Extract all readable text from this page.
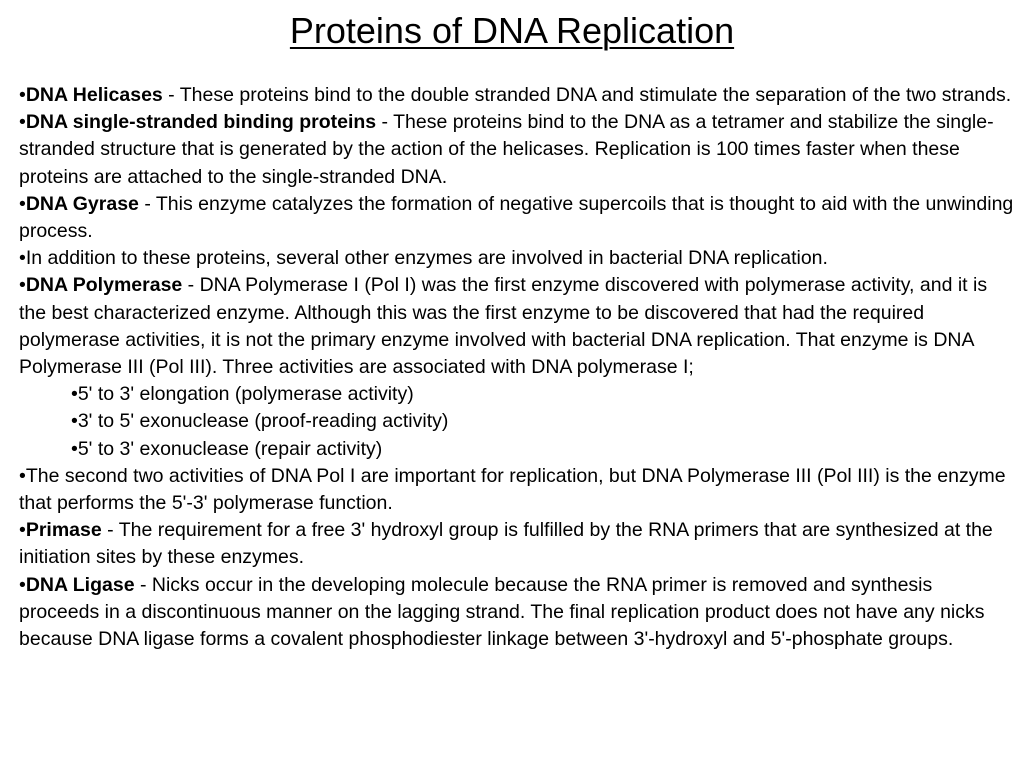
Proteins of DNA Replication

•DNA Helicases - These proteins bind to the double stranded DNA and stimulate the separation of the two strands.

•DNA single-stranded binding proteins - These proteins bind to the DNA as a tetramer and stabilize the single-stranded structure that is generated by the action of the helicases. Replication is 100 times faster when these proteins are attached to the single-stranded DNA.

•DNA Gyrase - This enzyme catalyzes the formation of negative supercoils that is thought to aid with the unwinding process.

•In addition to these proteins, several other enzymes are involved in bacterial DNA replication.

•DNA Polymerase - DNA Polymerase I (Pol I) was the first enzyme discovered with polymerase activity, and it is the best characterized enzyme. Although this was the first enzyme to be discovered that had the required polymerase activities, it is not the primary enzyme involved with bacterial DNA replication. That enzyme is DNA Polymerase III (Pol III). Three activities are associated with DNA polymerase I;

•5' to 3' elongation (polymerase activity)

•3' to 5' exonuclease (proof-reading activity)

•5' to 3' exonuclease (repair activity)

•The second two activities of DNA Pol I are important for replication, but DNA Polymerase III (Pol III) is the enzyme that performs the 5'-3' polymerase function.

•Primase - The requirement for a free 3' hydroxyl group is fulfilled by the RNA primers that are synthesized at the initiation sites by these enzymes.

•DNA Ligase - Nicks occur in the developing molecule because the RNA primer is removed and synthesis proceeds in a discontinuous manner on the lagging strand. The final replication product does not have any nicks because DNA ligase forms a covalent phosphodiester linkage between 3'-hydroxyl and 5'-phosphate groups.
